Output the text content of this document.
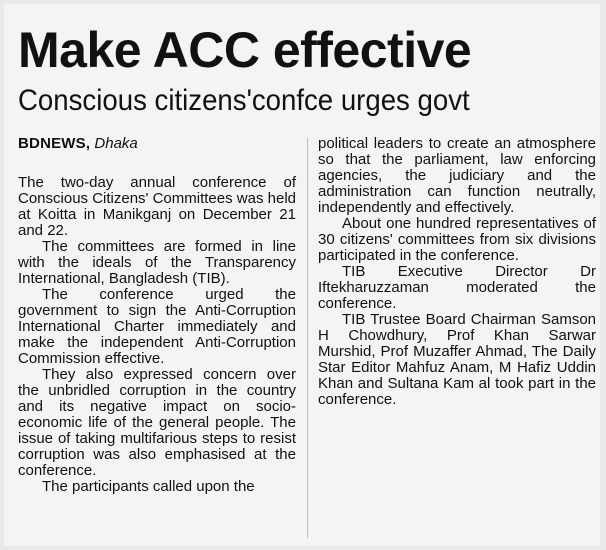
Make ACC effective
Conscious citizens'confce urges govt
BDNEWS, Dhaka

The two-day annual conference of Conscious Citizens' Committees was held at Koitta in Manikganj on December 21 and 22.

The committees are formed in line with the ideals of the Transparency International, Bangladesh (TIB).

The conference urged the government to sign the Anti-Corruption International Charter immediately and make the independent Anti-Corruption Commission effective.

They also expressed concern over the unbridled corruption in the country and its negative impact on socio-economic life of the general people. The issue of taking multifarious steps to resist corruption was also emphasised at the conference.

The participants called upon the

political leaders to create an atmosphere so that the parliament, law enforcing agencies, the judiciary and the administration can function neutrally, independently and effectively.

About one hundred representatives of 30 citizens' committees from six divisions participated in the conference.

TIB Executive Director Dr Iftekharuzzaman moderated the conference.

TIB Trustee Board Chairman Samson H Chowdhury, Prof Khan Sarwar Murshid, Prof Muzaffer Ahmad, The Daily Star Editor Mahfuz Anam, M Hafiz Uddin Khan and Sultana Kam al took part in the conference.
